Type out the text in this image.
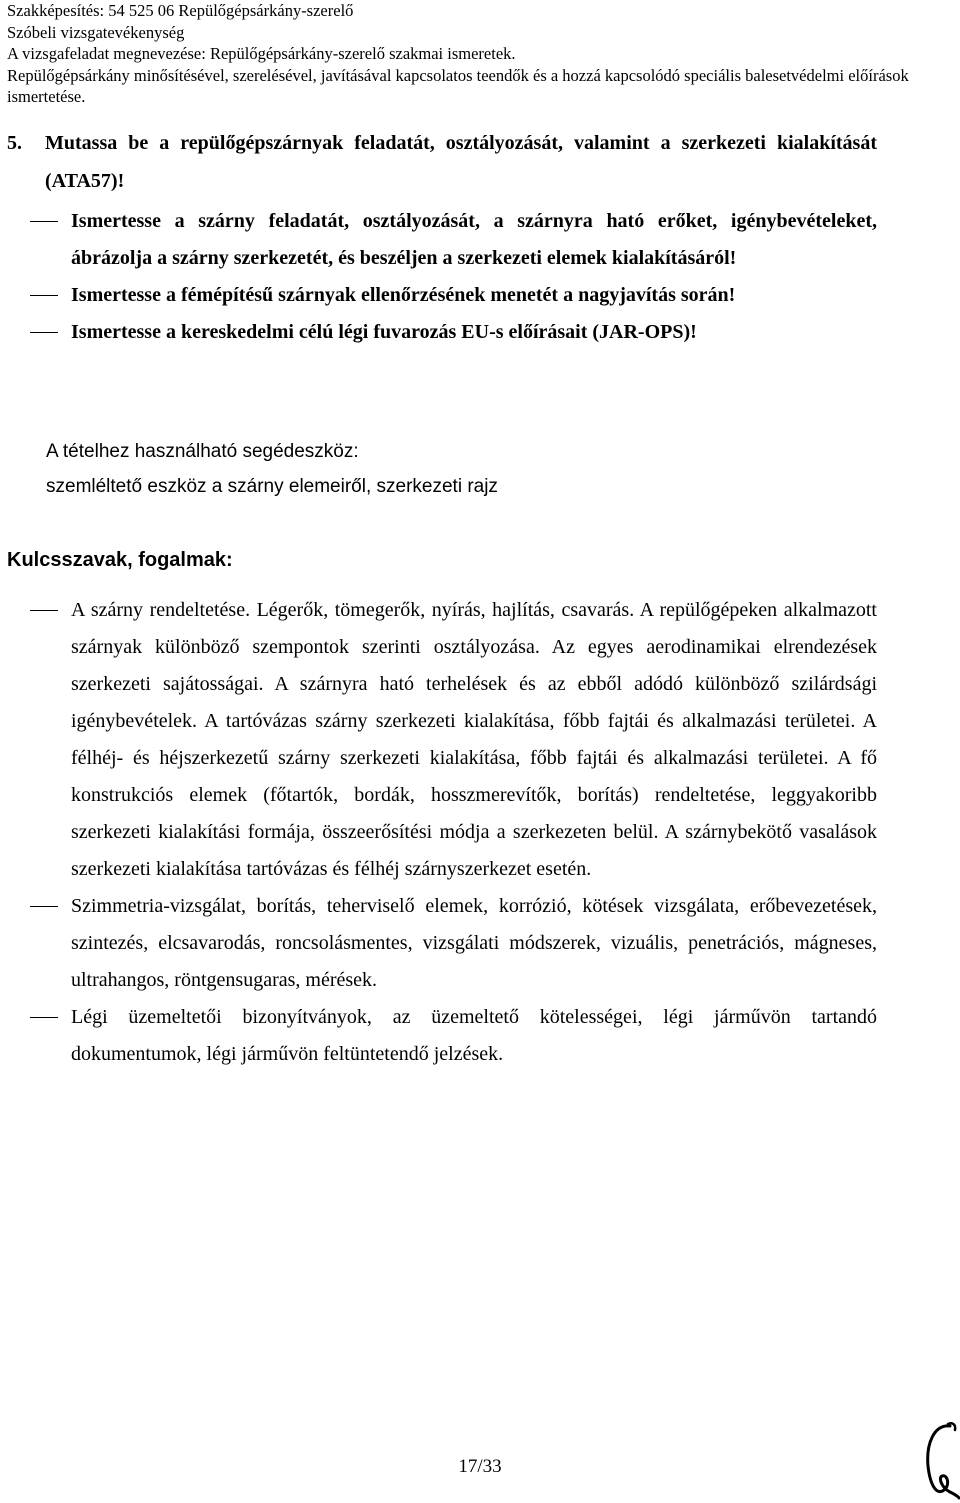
Szakképesítés: 54 525 06 Repülőgépsárkány-szerelő
Szóbeli vizsgatevékenység
A vizsgafeladat megnevezése: Repülőgépsárkány-szerelő szakmai ismeretek.
Repülőgépsárkány minősítésével, szerelésével, javításával kapcsolatos teendők és a hozzá kapcsolódó speciális balesetvédelmi előírások ismertetése.
5.	Mutassa be a repülőgépszárnyak feladatát, osztályozását, valamint a szerkezeti kialakítását (ATA57)!
Ismertesse a szárny feladatát, osztályozását, a szárnyra ható erőket, igénybevételeket, ábrázolja a szárny szerkezetét, és beszéljen a szerkezeti elemek kialakításáról!
Ismertesse a fémépítésű szárnyak ellenőrzésének menetét a nagyjavítás során!
Ismertesse a kereskedelmi célú légi fuvarozás EU-s előírásait (JAR-OPS)!
A tételhez használható segédeszköz:
szemléltető eszköz a szárny elemeiről, szerkezeti rajz
Kulcsszavak, fogalmak:
A szárny rendeltetése. Légerők, tömegerők, nyírás, hajlítás, csavarás. A repülőgépeken alkalmazott szárnyak különböző szempontok szerinti osztályozása. Az egyes aerodinamikai elrendezések szerkezeti sajátosságai. A szárnyra ható terhelések és az ebből adódó különböző szilárdsági igénybevételek. A tartóvázas szárny szerkezeti kialakítása, főbb fajtái és alkalmazási területei. A félhéj- és héjszerkezetű szárny szerkezeti kialakítása, főbb fajtái és alkalmazási területei. A fő konstrukciós elemek (főtartók, bordák, hosszmerevítők, borítás) rendeltetése, leggyakoribb szerkezeti kialakítási formája, összeerősítési módja a szerkezeten belül. A szárnybekötő vasalások szerkezeti kialakítása tartóvázas és félhéj szárnyszerkezet esetén.
Szimmetria-vizsgálat, borítás, teherviselő elemek, korrózió, kötések vizsgálata, erőbevezetések, szintezés, elcsavarodás, roncsolásmentes, vizsgálati módszerek, vizuális, penetrációs, mágneses, ultrahangos, röntgensugaras, mérések.
Légi üzemeltetői bizonyítványok, az üzemeltető kötelességei, légi járművön tartandó dokumentumok, légi járművön feltüntetendő jelzések.
17/33
